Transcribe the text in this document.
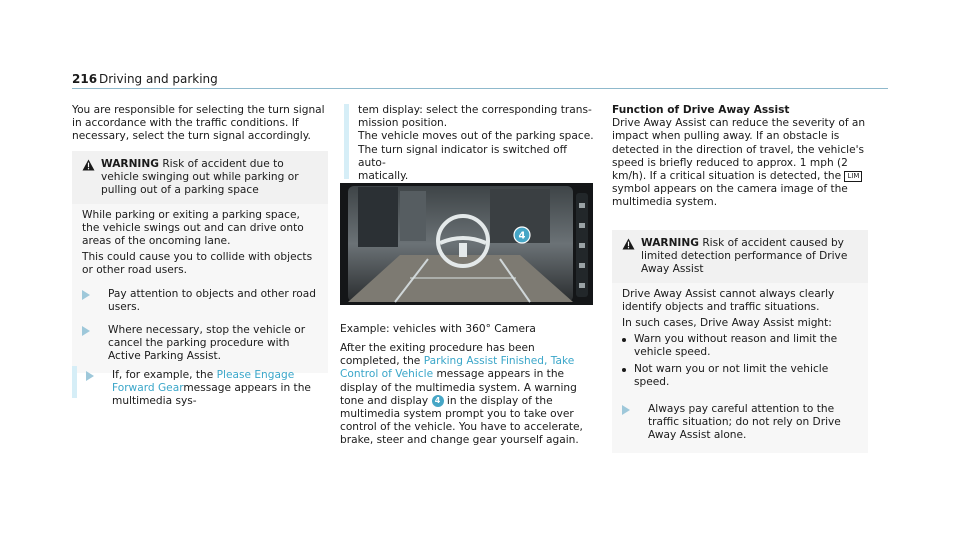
216 Driving and parking
You are responsible for selecting the turn signal in accordance with the traffic conditions. If necessary, select the turn signal accordingly.
WARNING Risk of accident due to vehicle swinging out while parking or pulling out of a parking space
While parking or exiting a parking space, the vehicle swings out and can drive onto areas of the oncoming lane.
This could cause you to collide with objects or other road users.
Pay attention to objects and other road users.
Where necessary, stop the vehicle or cancel the parking procedure with Active Parking Assist.
If, for example, the Please Engage Forward Gearmessage appears in the multimedia sys-
tem display: select the corresponding trans-
mission position.
The vehicle moves out of the parking space.
The turn signal indicator is switched off auto-
matically.
4
Example: vehicles with 360° Camera
After the exiting procedure has been completed, the Parking Assist Finished, Take Control of Vehicle message appears in the display of the multimedia system. A warning tone and display 4 in the display of the multimedia system prompt you to take over control of the vehicle. You have to accelerate, brake, steer and change gear yourself again.
Function of Drive Away Assist
Drive Away Assist can reduce the severity of an impact when pulling away. If an obstacle is detected in the direction of travel, the vehicle's speed is briefly reduced to approx. 1 mph (2 km/h). If a critical situation is detected, the LIM symbol appears on the camera image of the multimedia system.
WARNING Risk of accident caused by limited detection performance of Drive Away Assist
Drive Away Assist cannot always clearly identify objects and traffic situations.
In such cases, Drive Away Assist might:
Warn you without reason and limit the vehicle speed.
Not warn you or not limit the vehicle speed.
Always pay careful attention to the traffic situation; do not rely on Drive Away Assist alone.
